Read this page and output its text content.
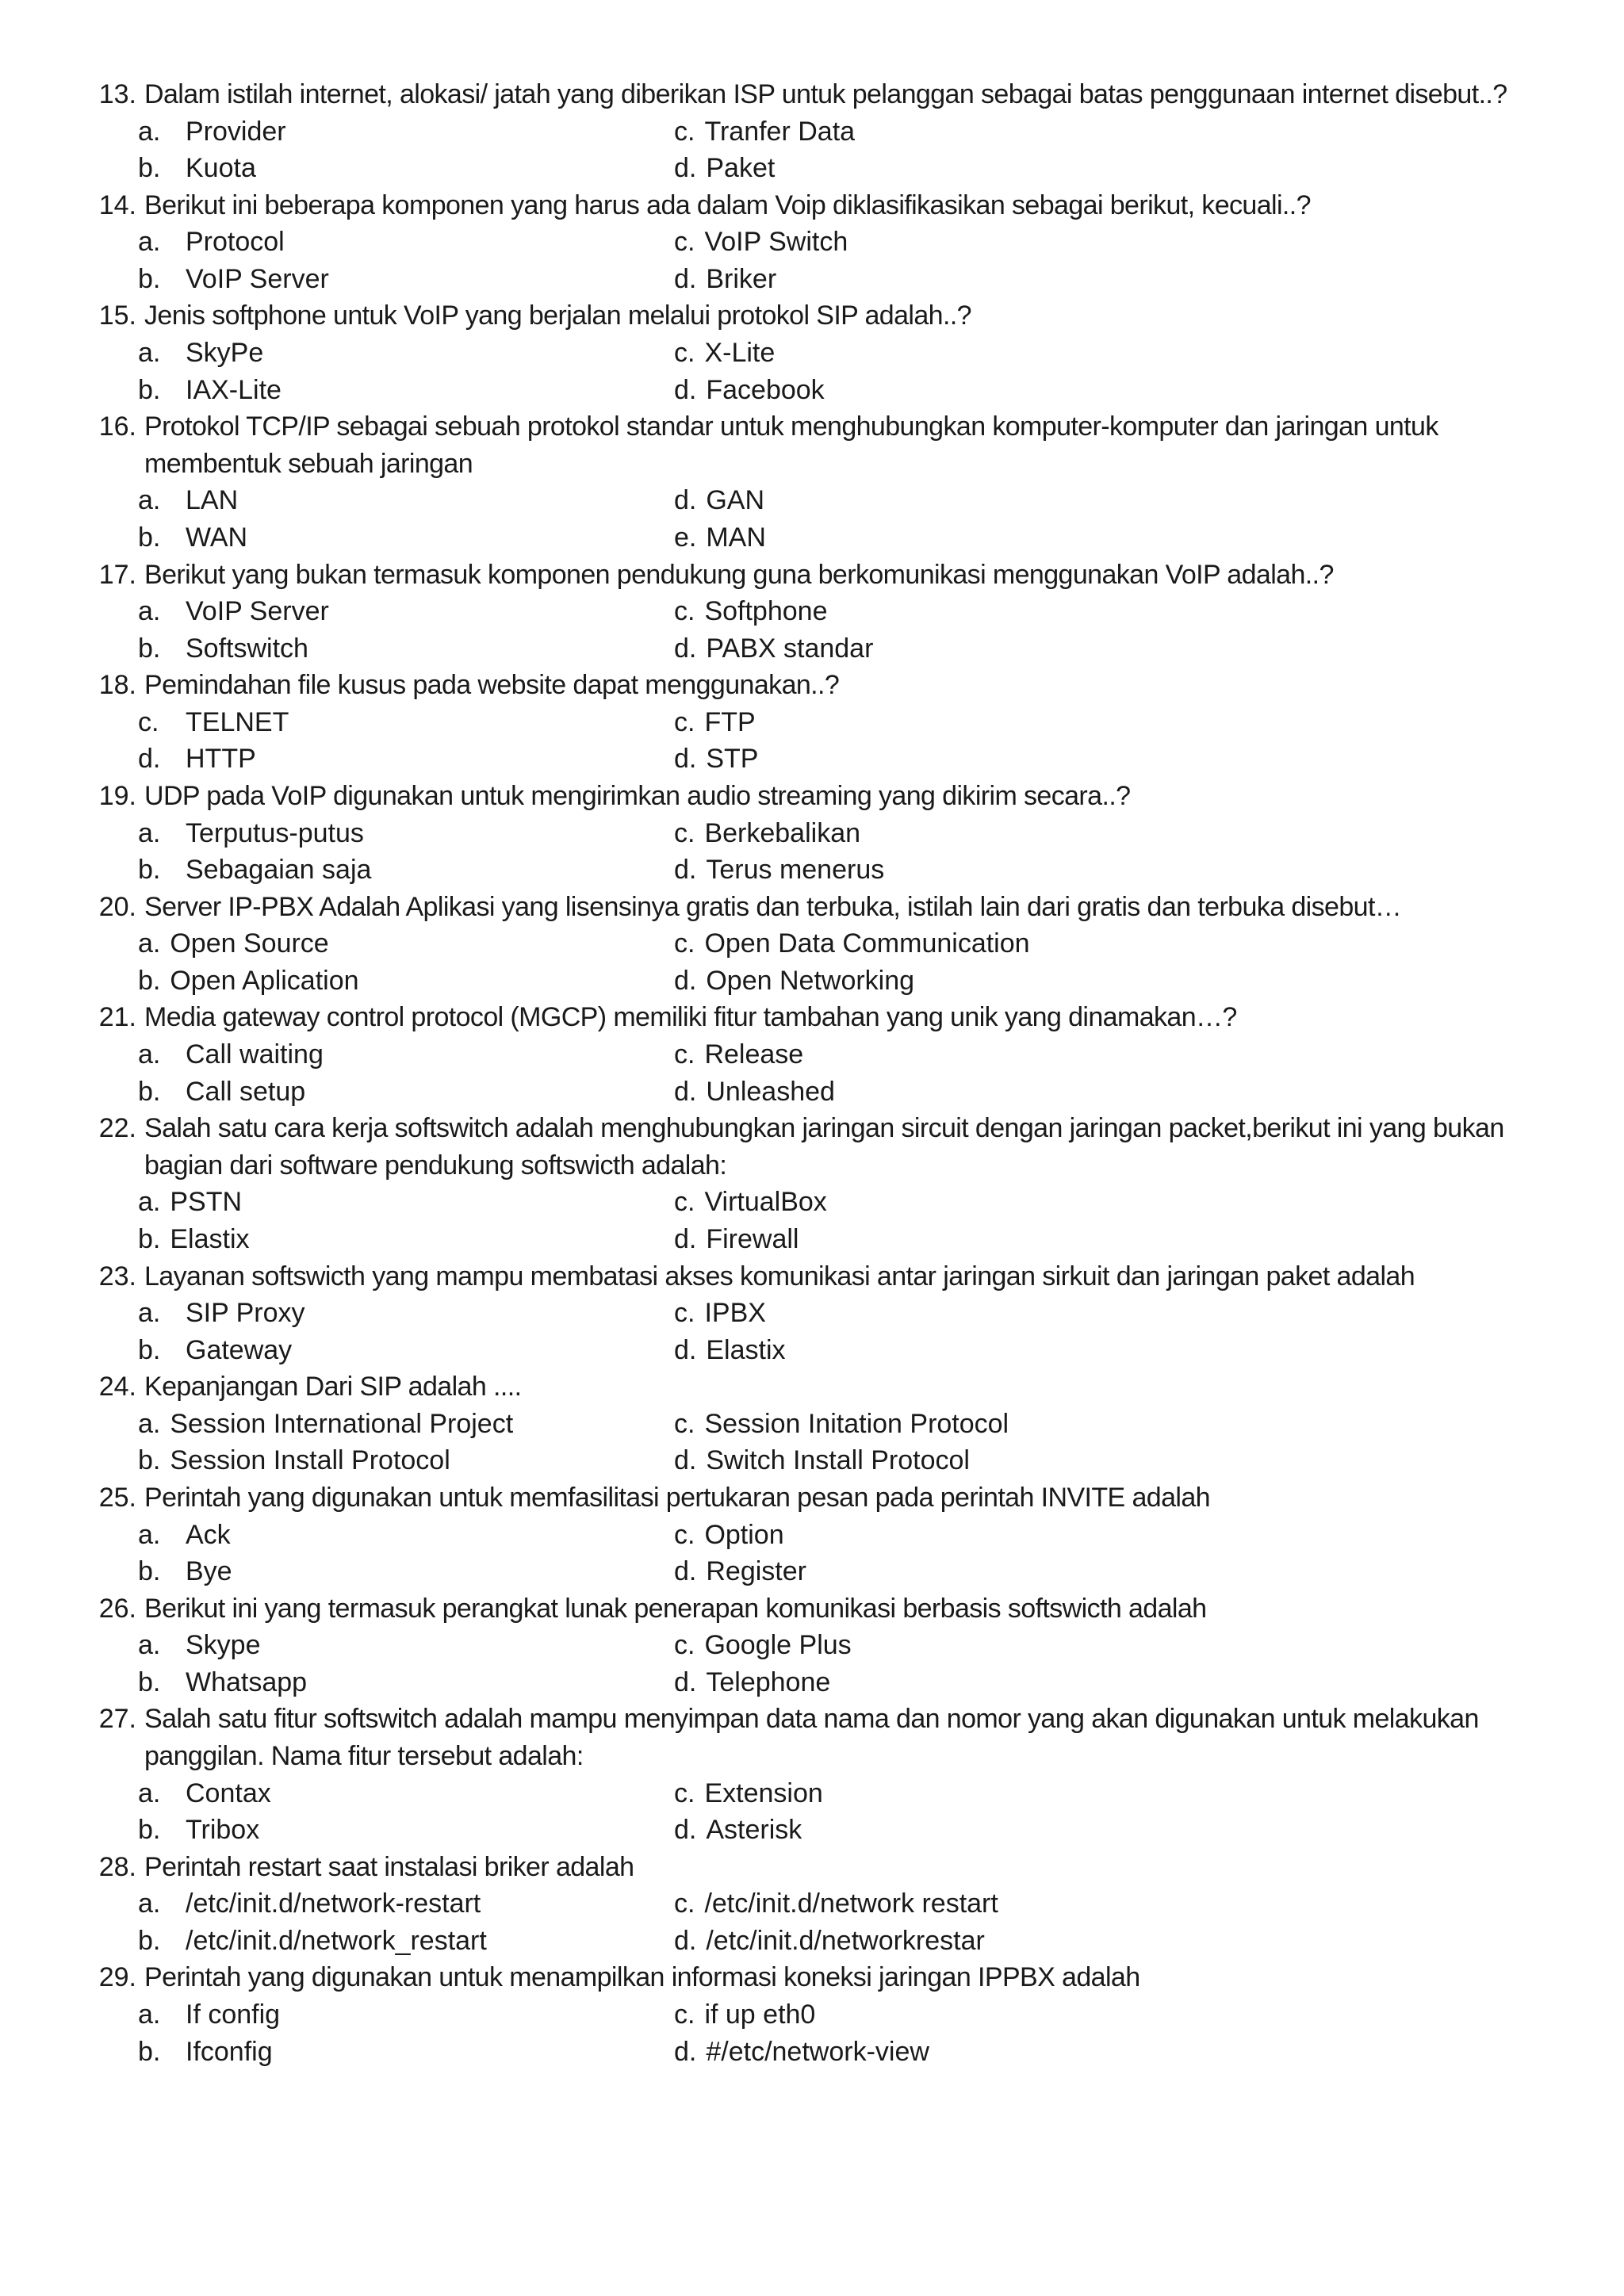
13. Dalam istilah internet, alokasi/ jatah yang diberikan ISP untuk pelanggan sebagai batas penggunaan internet disebut..?
a. Provider	c. Tranfer Data
b. Kuota	d. Paket
14. Berikut ini beberapa komponen yang harus ada dalam Voip diklasifikasikan sebagai berikut, kecuali..?
a. Protocol	c. VoIP Switch
b. VoIP Server	d. Briker
15. Jenis softphone untuk VoIP yang berjalan melalui protokol SIP adalah..?
a. SkyPe	c. X-Lite
b. IAX-Lite	d. Facebook
16. Protokol TCP/IP sebagai sebuah protokol standar untuk menghubungkan komputer-komputer dan jaringan untuk membentuk sebuah jaringan
a. LAN	d. GAN
b. WAN	e. MAN
17. Berikut yang bukan termasuk komponen pendukung guna berkomunikasi menggunakan VoIP adalah..?
a. VoIP Server	c. Softphone
b. Softswitch	d. PABX standar
18. Pemindahan file kusus pada website dapat menggunakan..?
c. TELNET	c. FTP
d. HTTP	d. STP
19. UDP pada VoIP digunakan untuk mengirimkan audio streaming yang dikirim secara..?
a. Terputus-putus	c. Berkebalikan
b. Sebagaian saja	d. Terus menerus
20. Server IP-PBX Adalah Aplikasi yang lisensinya gratis dan terbuka, istilah lain dari gratis dan terbuka disebut…
a. Open Source	c. Open Data Communication
b. Open Aplication	d. Open Networking
21. Media gateway control protocol (MGCP) memiliki fitur tambahan yang unik yang dinamakan…?
a. Call waiting	c. Release
b. Call setup	d. Unleashed
22. Salah satu cara kerja softswitch adalah menghubungkan jaringan sircuit dengan jaringan packet,berikut ini yang bukan bagian dari software pendukung softswicth adalah:
a. PSTN	c. VirtualBox
b. Elastix	d. Firewall
23. Layanan softswicth yang mampu membatasi akses komunikasi antar jaringan sirkuit dan jaringan paket adalah
a. SIP Proxy	c. IPBX
b. Gateway	d. Elastix
24. Kepanjangan Dari SIP adalah ....
a. Session International Project	c. Session Initation Protocol
b. Session Install Protocol	d. Switch Install Protocol
25. Perintah yang digunakan untuk memfasilitasi pertukaran pesan pada perintah INVITE adalah
a. Ack	c. Option
b. Bye	d. Register
26. Berikut ini yang termasuk perangkat lunak penerapan komunikasi berbasis softswicth adalah
a. Skype	c. Google Plus
b. Whatsapp	d. Telephone
27. Salah satu fitur softswitch adalah mampu menyimpan data nama dan nomor yang akan digunakan untuk melakukan panggilan. Nama fitur tersebut adalah:
a. Contax	c. Extension
b. Tribox	d. Asterisk
28. Perintah restart saat instalasi briker adalah
a. /etc/init.d/network-restart	c. /etc/init.d/network restart
b. /etc/init.d/network_restart	d. /etc/init.d/networkrestar
29. Perintah yang digunakan untuk menampilkan informasi koneksi jaringan IPPBX adalah
a. If config	c. if up eth0
b. Ifconfig	d. #/etc/network-view
